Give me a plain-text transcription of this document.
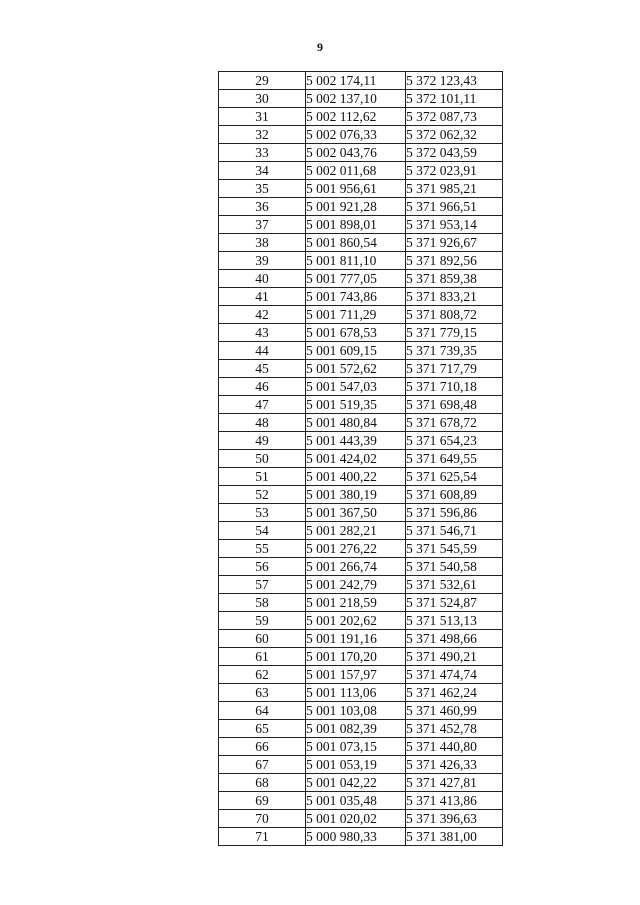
9
29	5 002 174,11	5 372 123,43
30	5 002 137,10	5 372 101,11
31	5 002 112,62	5 372 087,73
32	5 002 076,33	5 372 062,32
33	5 002 043,76	5 372 043,59
34	5 002 011,68	5 372 023,91
35	5 001 956,61	5 371 985,21
36	5 001 921,28	5 371 966,51
37	5 001 898,01	5 371 953,14
38	5 001 860,54	5 371 926,67
39	5 001 811,10	5 371 892,56
40	5 001 777,05	5 371 859,38
41	5 001 743,86	5 371 833,21
42	5 001 711,29	5 371 808,72
43	5 001 678,53	5 371 779,15
44	5 001 609,15	5 371 739,35
45	5 001 572,62	5 371 717,79
46	5 001 547,03	5 371 710,18
47	5 001 519,35	5 371 698,48
48	5 001 480,84	5 371 678,72
49	5 001 443,39	5 371 654,23
50	5 001 424,02	5 371 649,55
51	5 001 400,22	5 371 625,54
52	5 001 380,19	5 371 608,89
53	5 001 367,50	5 371 596,86
54	5 001 282,21	5 371 546,71
55	5 001 276,22	5 371 545,59
56	5 001 266,74	5 371 540,58
57	5 001 242,79	5 371 532,61
58	5 001 218,59	5 371 524,87
59	5 001 202,62	5 371 513,13
60	5 001 191,16	5 371 498,66
61	5 001 170,20	5 371 490,21
62	5 001 157,97	5 371 474,74
63	5 001 113,06	5 371 462,24
64	5 001 103,08	5 371 460,99
65	5 001 082,39	5 371 452,78
66	5 001 073,15	5 371 440,80
67	5 001 053,19	5 371 426,33
68	5 001 042,22	5 371 427,81
69	5 001 035,48	5 371 413,86
70	5 001 020,02	5 371 396,63
71	5 000 980,33	5 371 381,00
